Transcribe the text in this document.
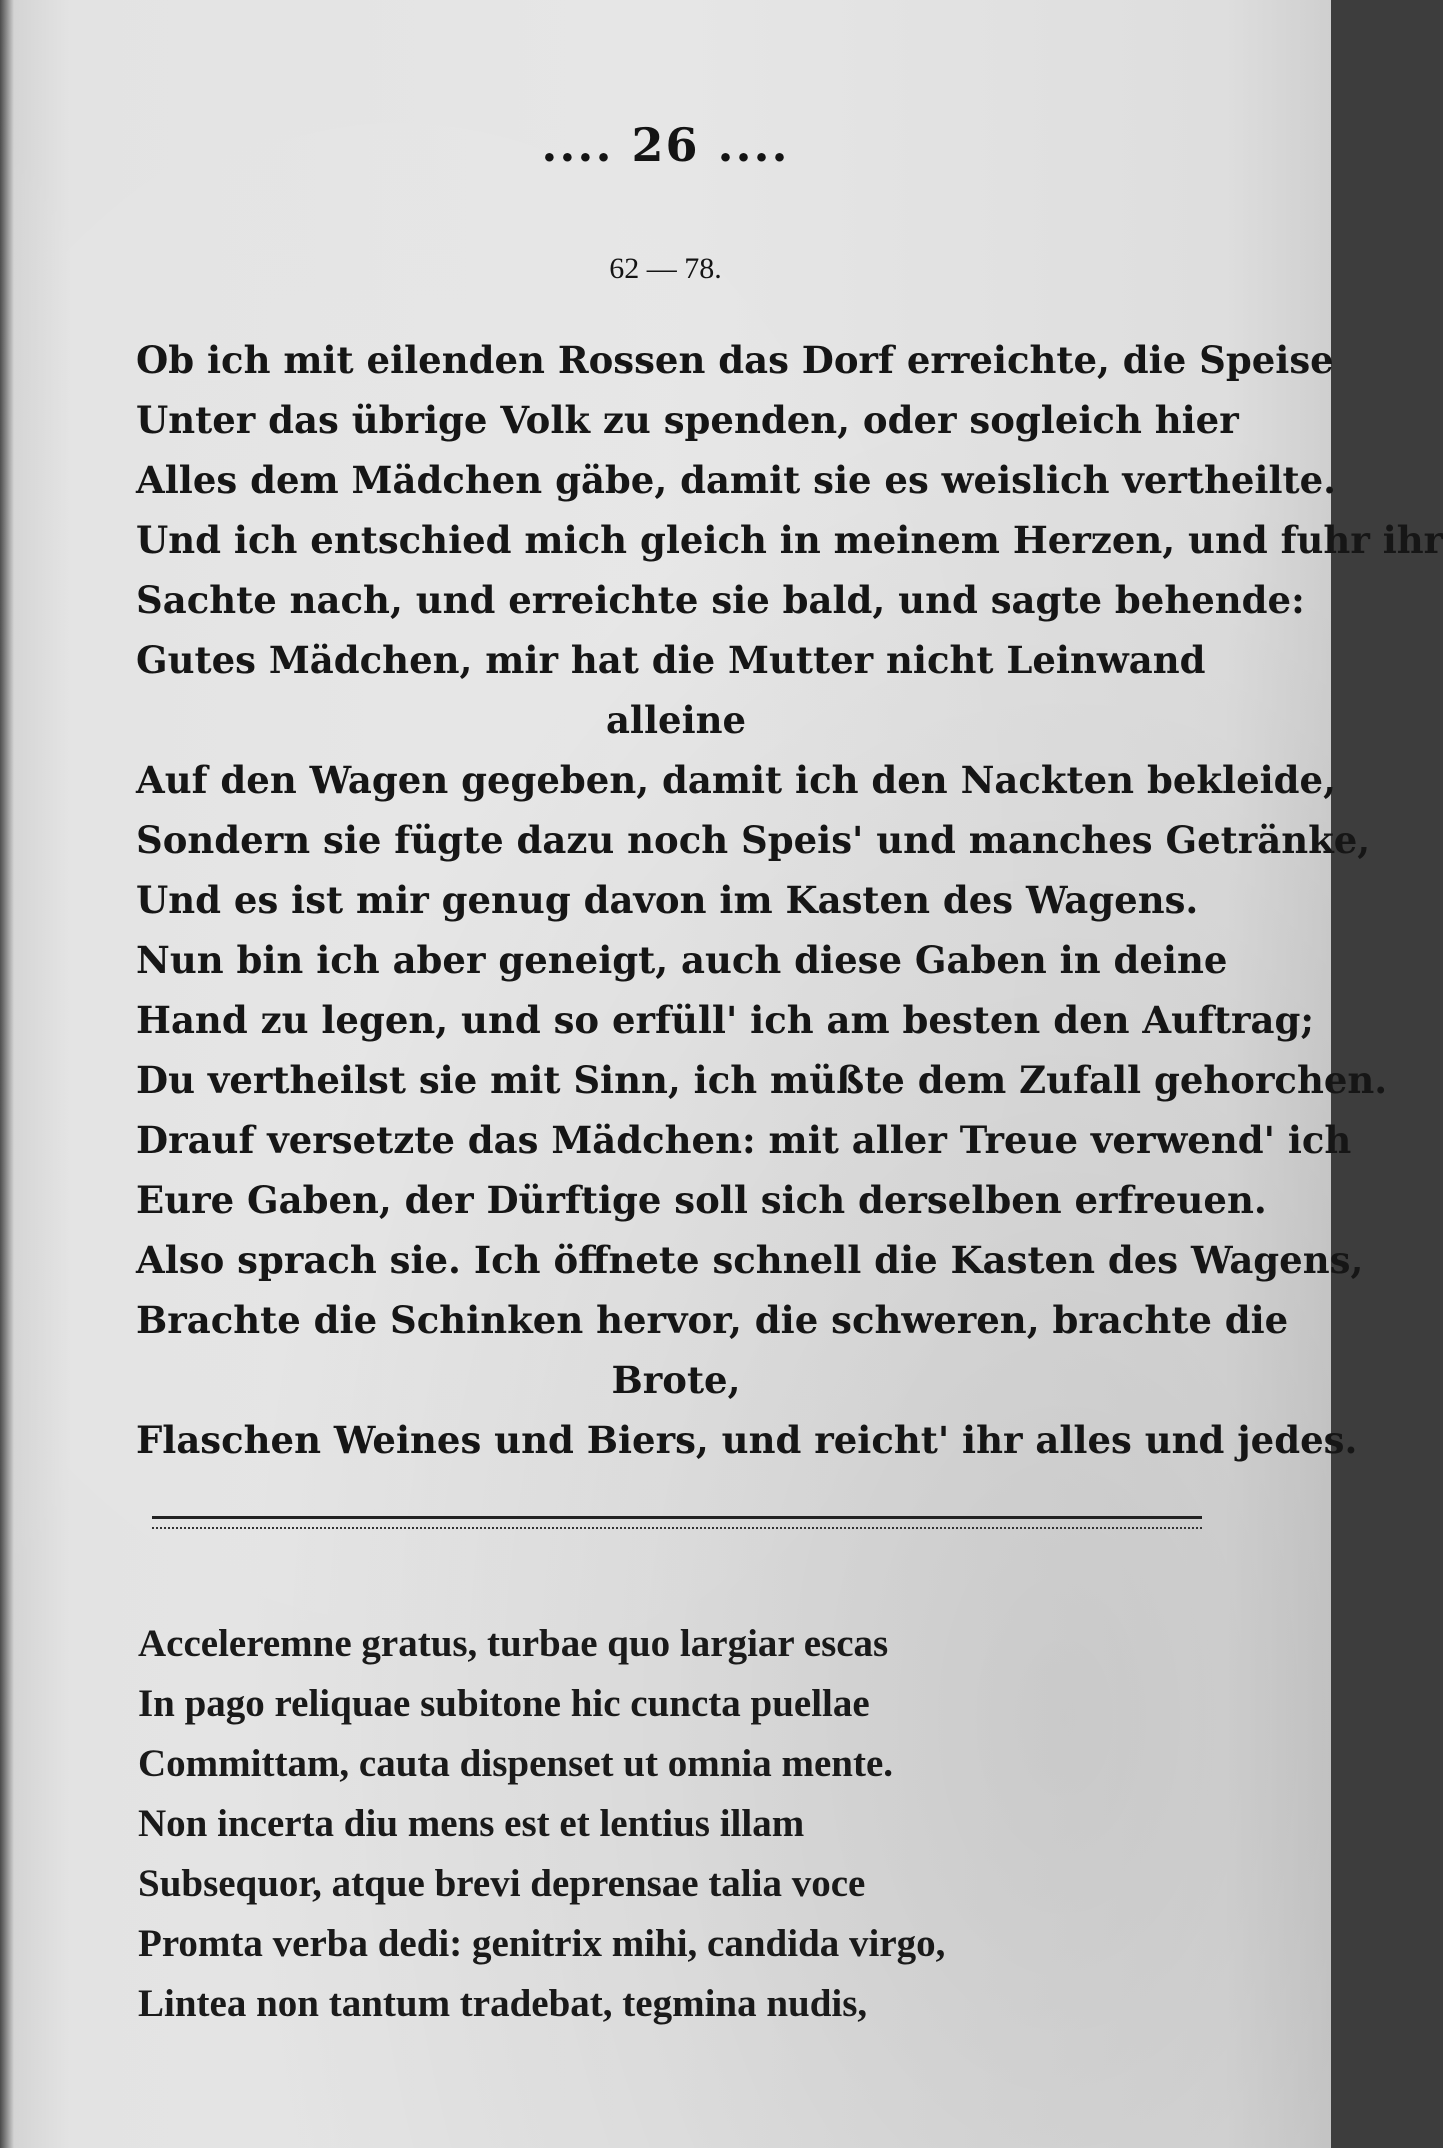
.... 26 ....
62 — 78.
Ob ich mit eilenden Rossen das Dorf erreichte, die Speise
Unter das übrige Volk zu spenden, oder sogleich hier
Alles dem Mädchen gäbe, damit sie es weislich vertheilte.
Und ich entschied mich gleich in meinem Herzen, und fuhr ihr
Sachte nach, und erreichte sie bald, und sagte behende:
Gutes Mädchen, mir hat die Mutter nicht Leinwand
alleine
Auf den Wagen gegeben, damit ich den Nackten bekleide,
Sondern sie fügte dazu noch Speis' und manches Getränke,
Und es ist mir genug davon im Kasten des Wagens.
Nun bin ich aber geneigt, auch diese Gaben in deine
Hand zu legen, und so erfüll' ich am besten den Auftrag;
Du vertheilst sie mit Sinn, ich müßte dem Zufall gehorchen.
Drauf versetzte das Mädchen: mit aller Treue verwend' ich
Eure Gaben, der Dürftige soll sich derselben erfreuen.
Also sprach sie. Ich öffnete schnell die Kasten des Wagens,
Brachte die Schinken hervor, die schweren, brachte die
Brote,
Flaschen Weines und Biers, und reicht' ihr alles und jedes.
Acceleremne gratus, turbae quo largiar escas
In pago reliquae subitone hic cuncta puellae
Committam, cauta dispenset ut omnia mente.
Non incerta diu mens est et lentius illam
Subsequor, atque brevi deprensae talia voce
Promta verba dedi: genitrix mihi, candida virgo,
Lintea non tantum tradebat, tegmina nudis,
